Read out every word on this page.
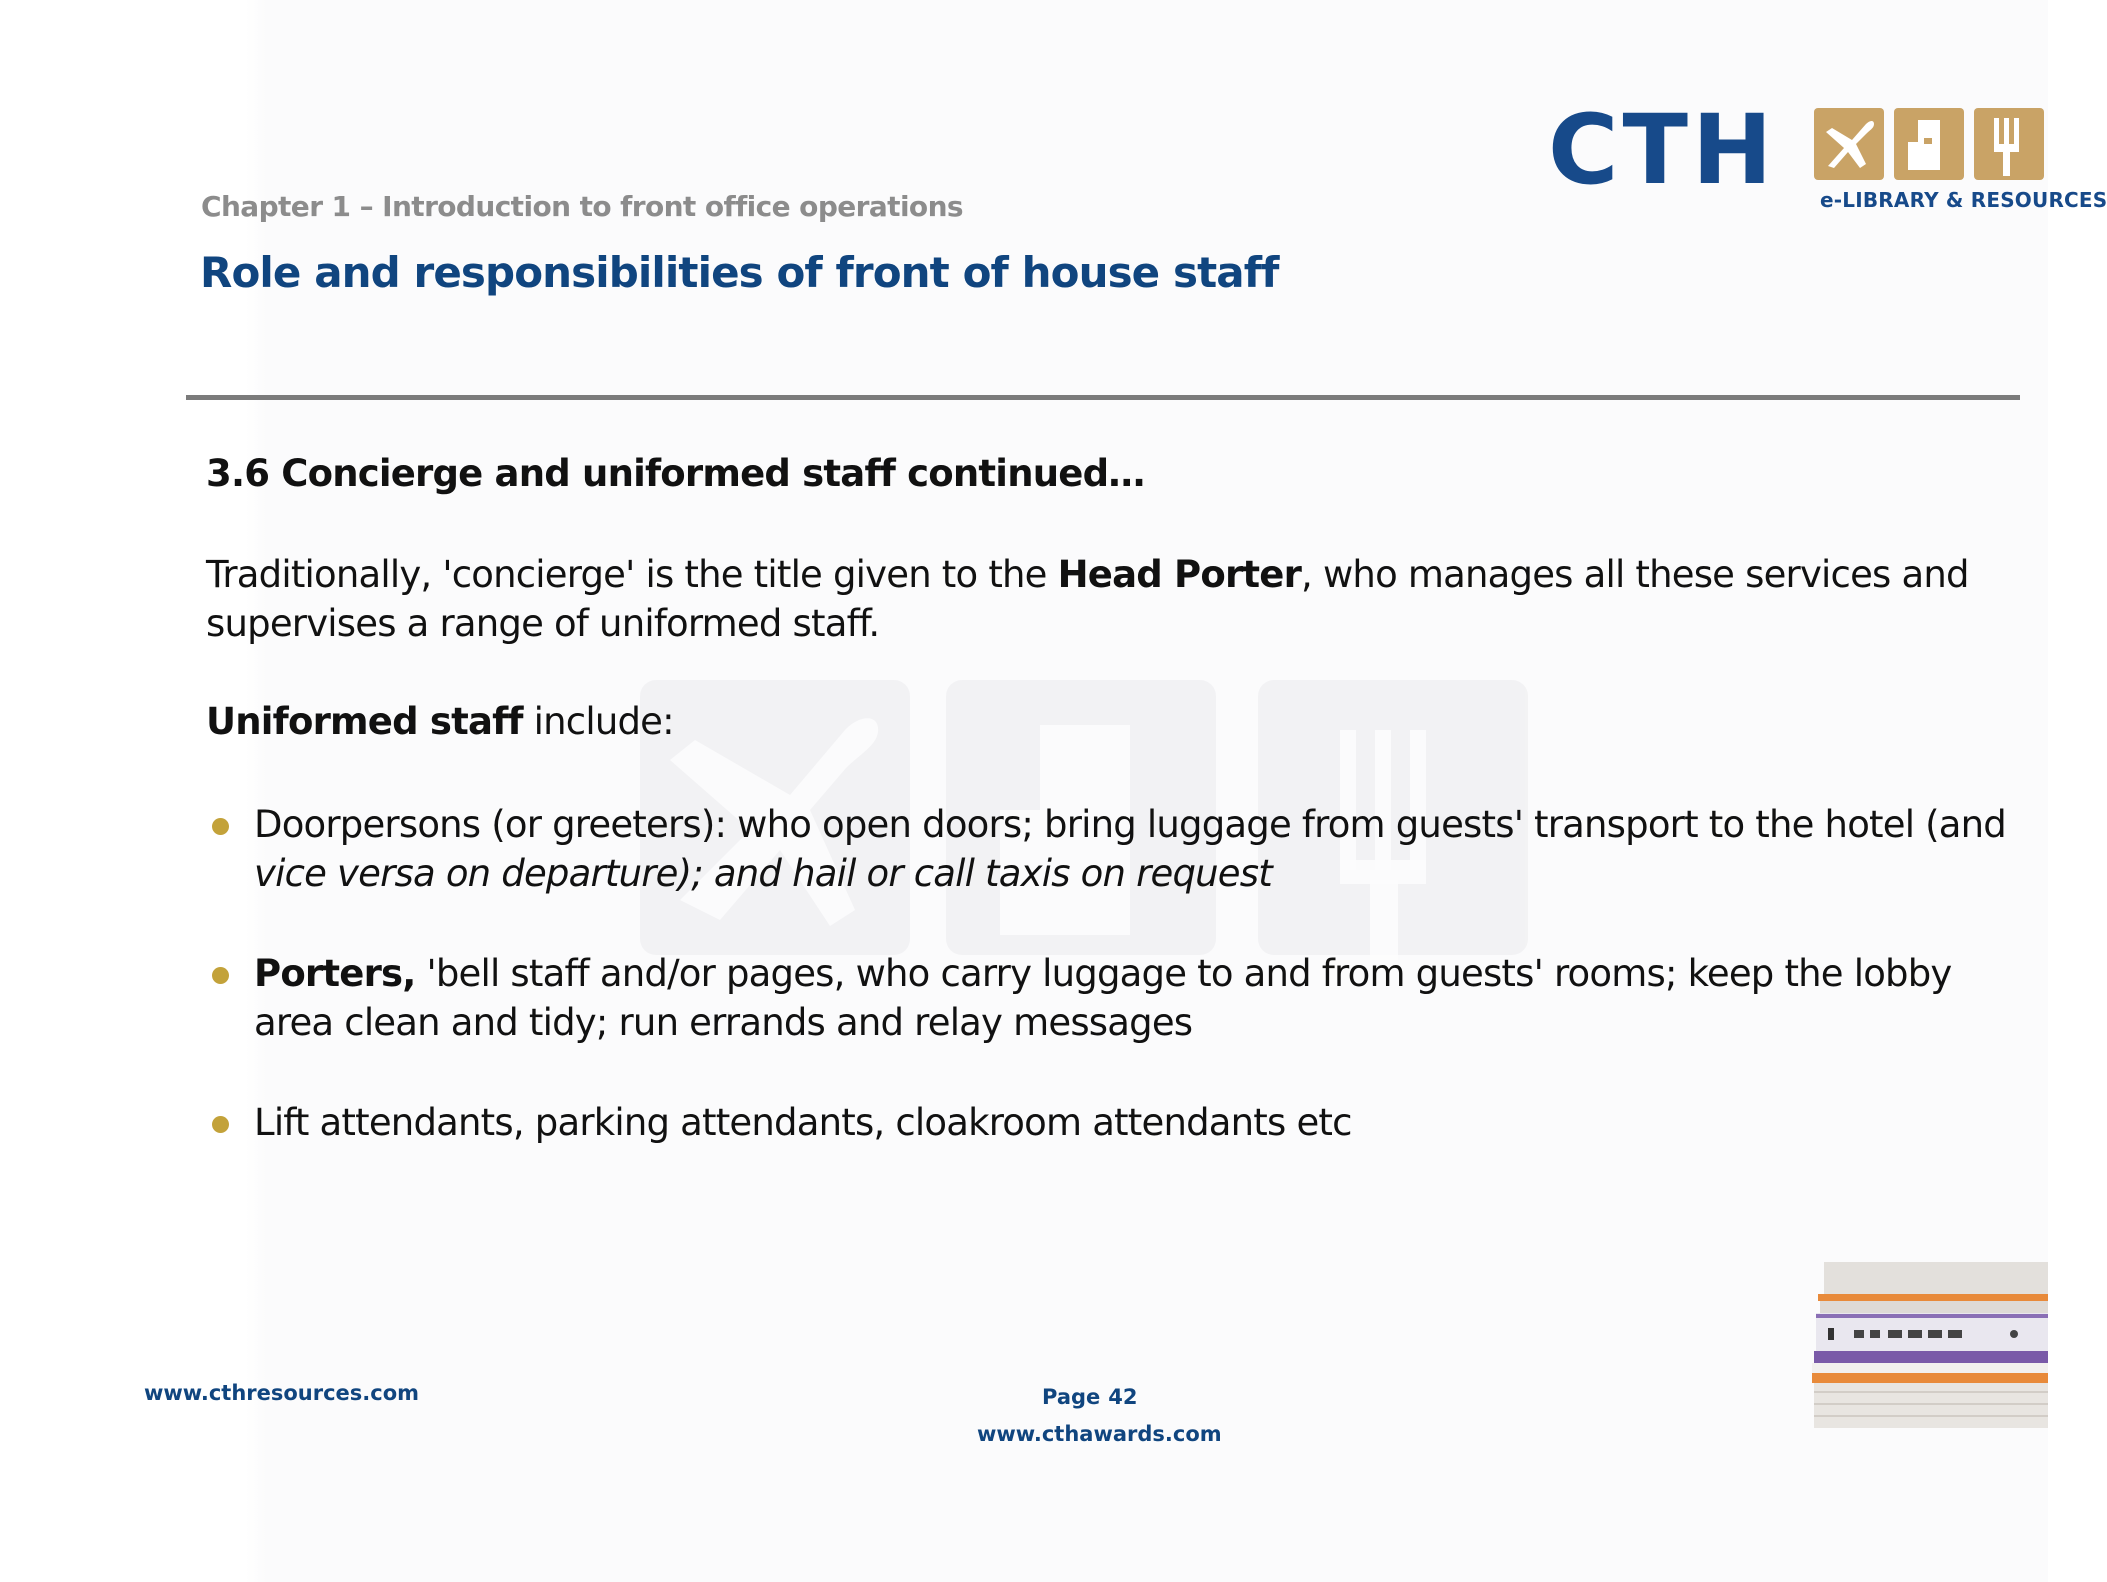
CTH e-LIBRARY & RESOURCES
Chapter 1 – Introduction to front office operations
Role and responsibilities of front of house staff
3.6 Concierge and uniformed staff continued…
Traditionally, 'concierge' is the title given to the Head Porter, who manages all these services and supervises a range of uniformed staff.
Uniformed staff include:
Doorpersons (or greeters): who open doors; bring luggage from guests' transport to the hotel (and vice versa on departure); and hail or call taxis on request
Porters, 'bell staff and/or pages, who carry luggage to and from guests' rooms; keep the lobby area clean and tidy; run errands and relay messages
Lift attendants, parking attendants, cloakroom attendants etc
www.cthresources.com	Page 42
www.cthawards.com
